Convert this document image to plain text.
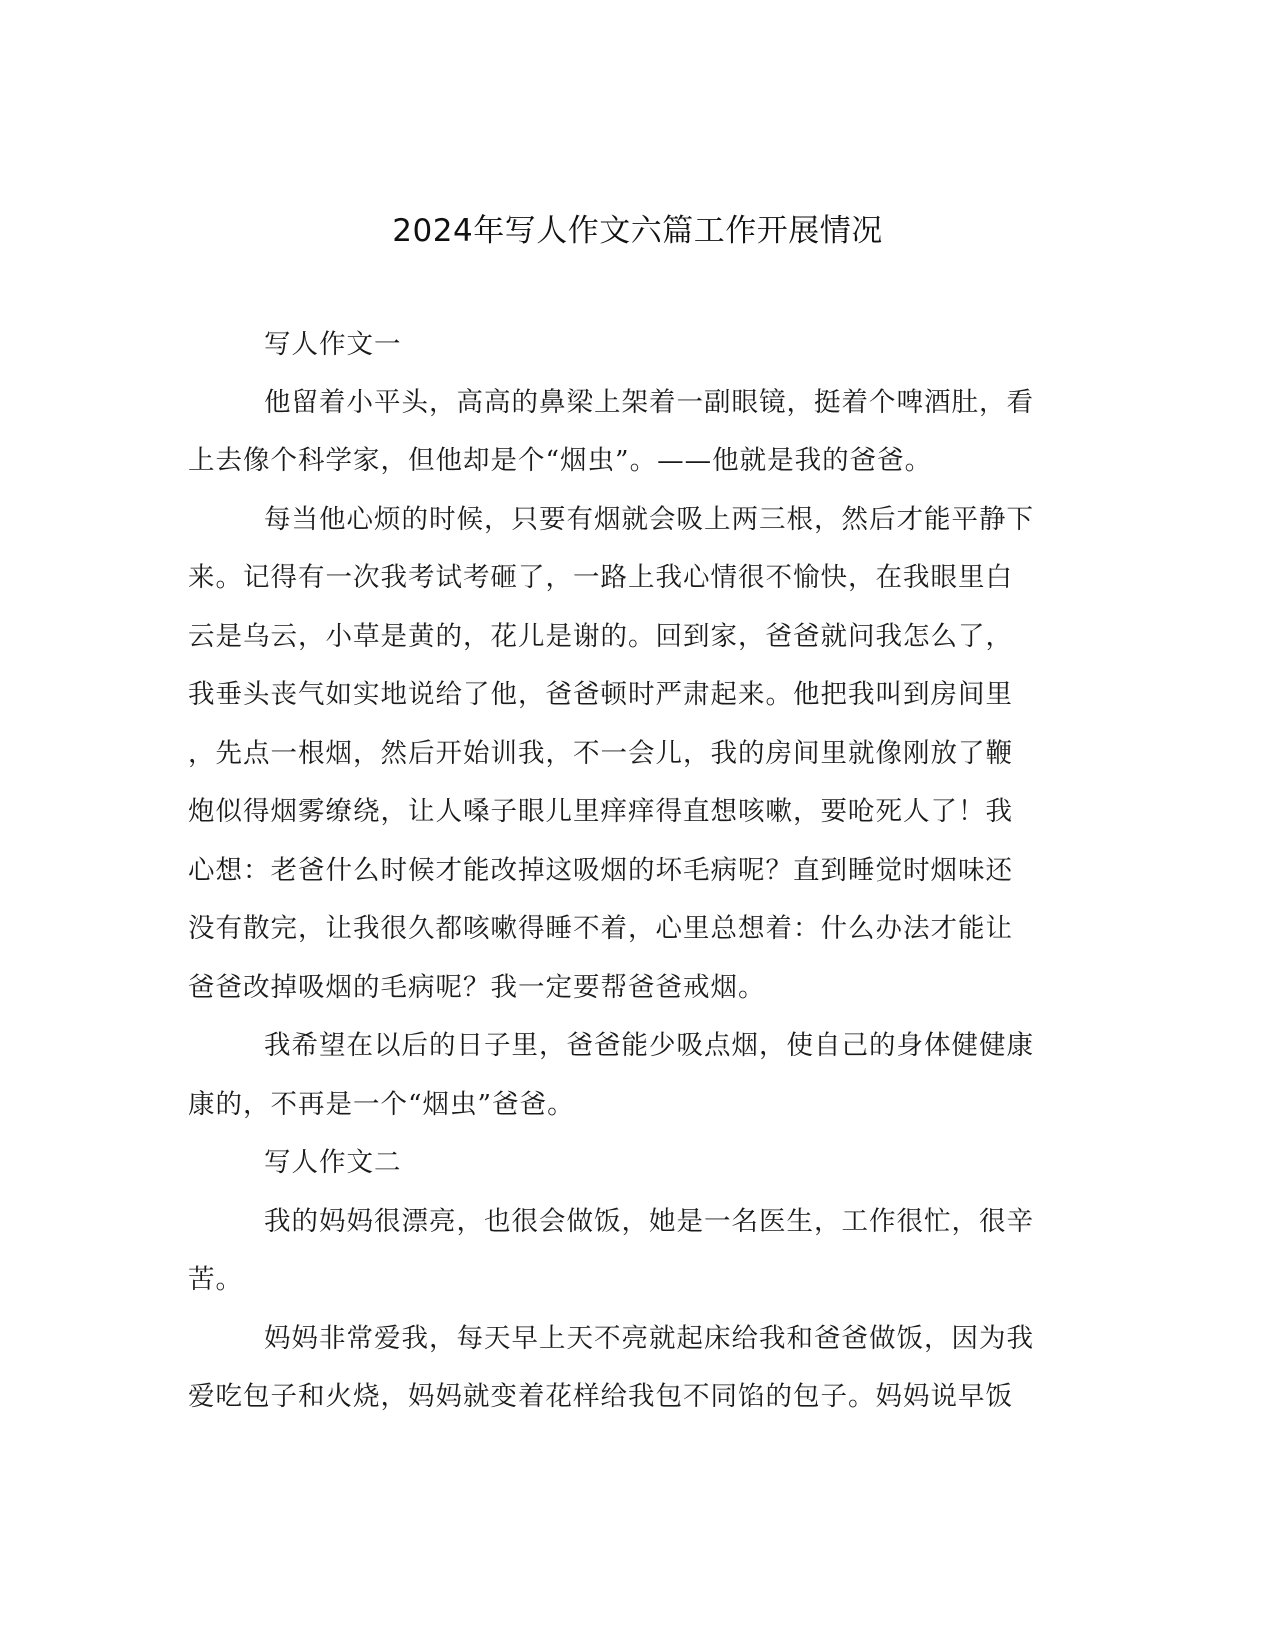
2024年写人作文六篇工作开展情况
写人作文一
他留着小平头，高高的鼻梁上架着一副眼镜，挺着个啤酒肚，看
上去像个科学家，但他却是个“烟虫”。——他就是我的爸爸。
每当他心烦的时候，只要有烟就会吸上两三根，然后才能平静下
来。记得有一次我考试考砸了，一路上我心情很不愉快，在我眼里白
云是乌云，小草是黄的，花儿是谢的。回到家，爸爸就问我怎么了，
我垂头丧气如实地说给了他，爸爸顿时严肃起来。他把我叫到房间里
，先点一根烟，然后开始训我，不一会儿，我的房间里就像刚放了鞭
炮似得烟雾缭绕，让人嗓子眼儿里痒痒得直想咳嗽，要呛死人了！我
心想：老爸什么时候才能改掉这吸烟的坏毛病呢？直到睡觉时烟味还
没有散完，让我很久都咳嗽得睡不着，心里总想着：什么办法才能让
爸爸改掉吸烟的毛病呢？我一定要帮爸爸戒烟。
我希望在以后的日子里，爸爸能少吸点烟，使自己的身体健健康
康的，不再是一个“烟虫”爸爸。
写人作文二
我的妈妈很漂亮，也很会做饭，她是一名医生，工作很忙，很辛
苦。
妈妈非常爱我，每天早上天不亮就起床给我和爸爸做饭，因为我
爱吃包子和火烧，妈妈就变着花样给我包不同馅的包子。妈妈说早饭
